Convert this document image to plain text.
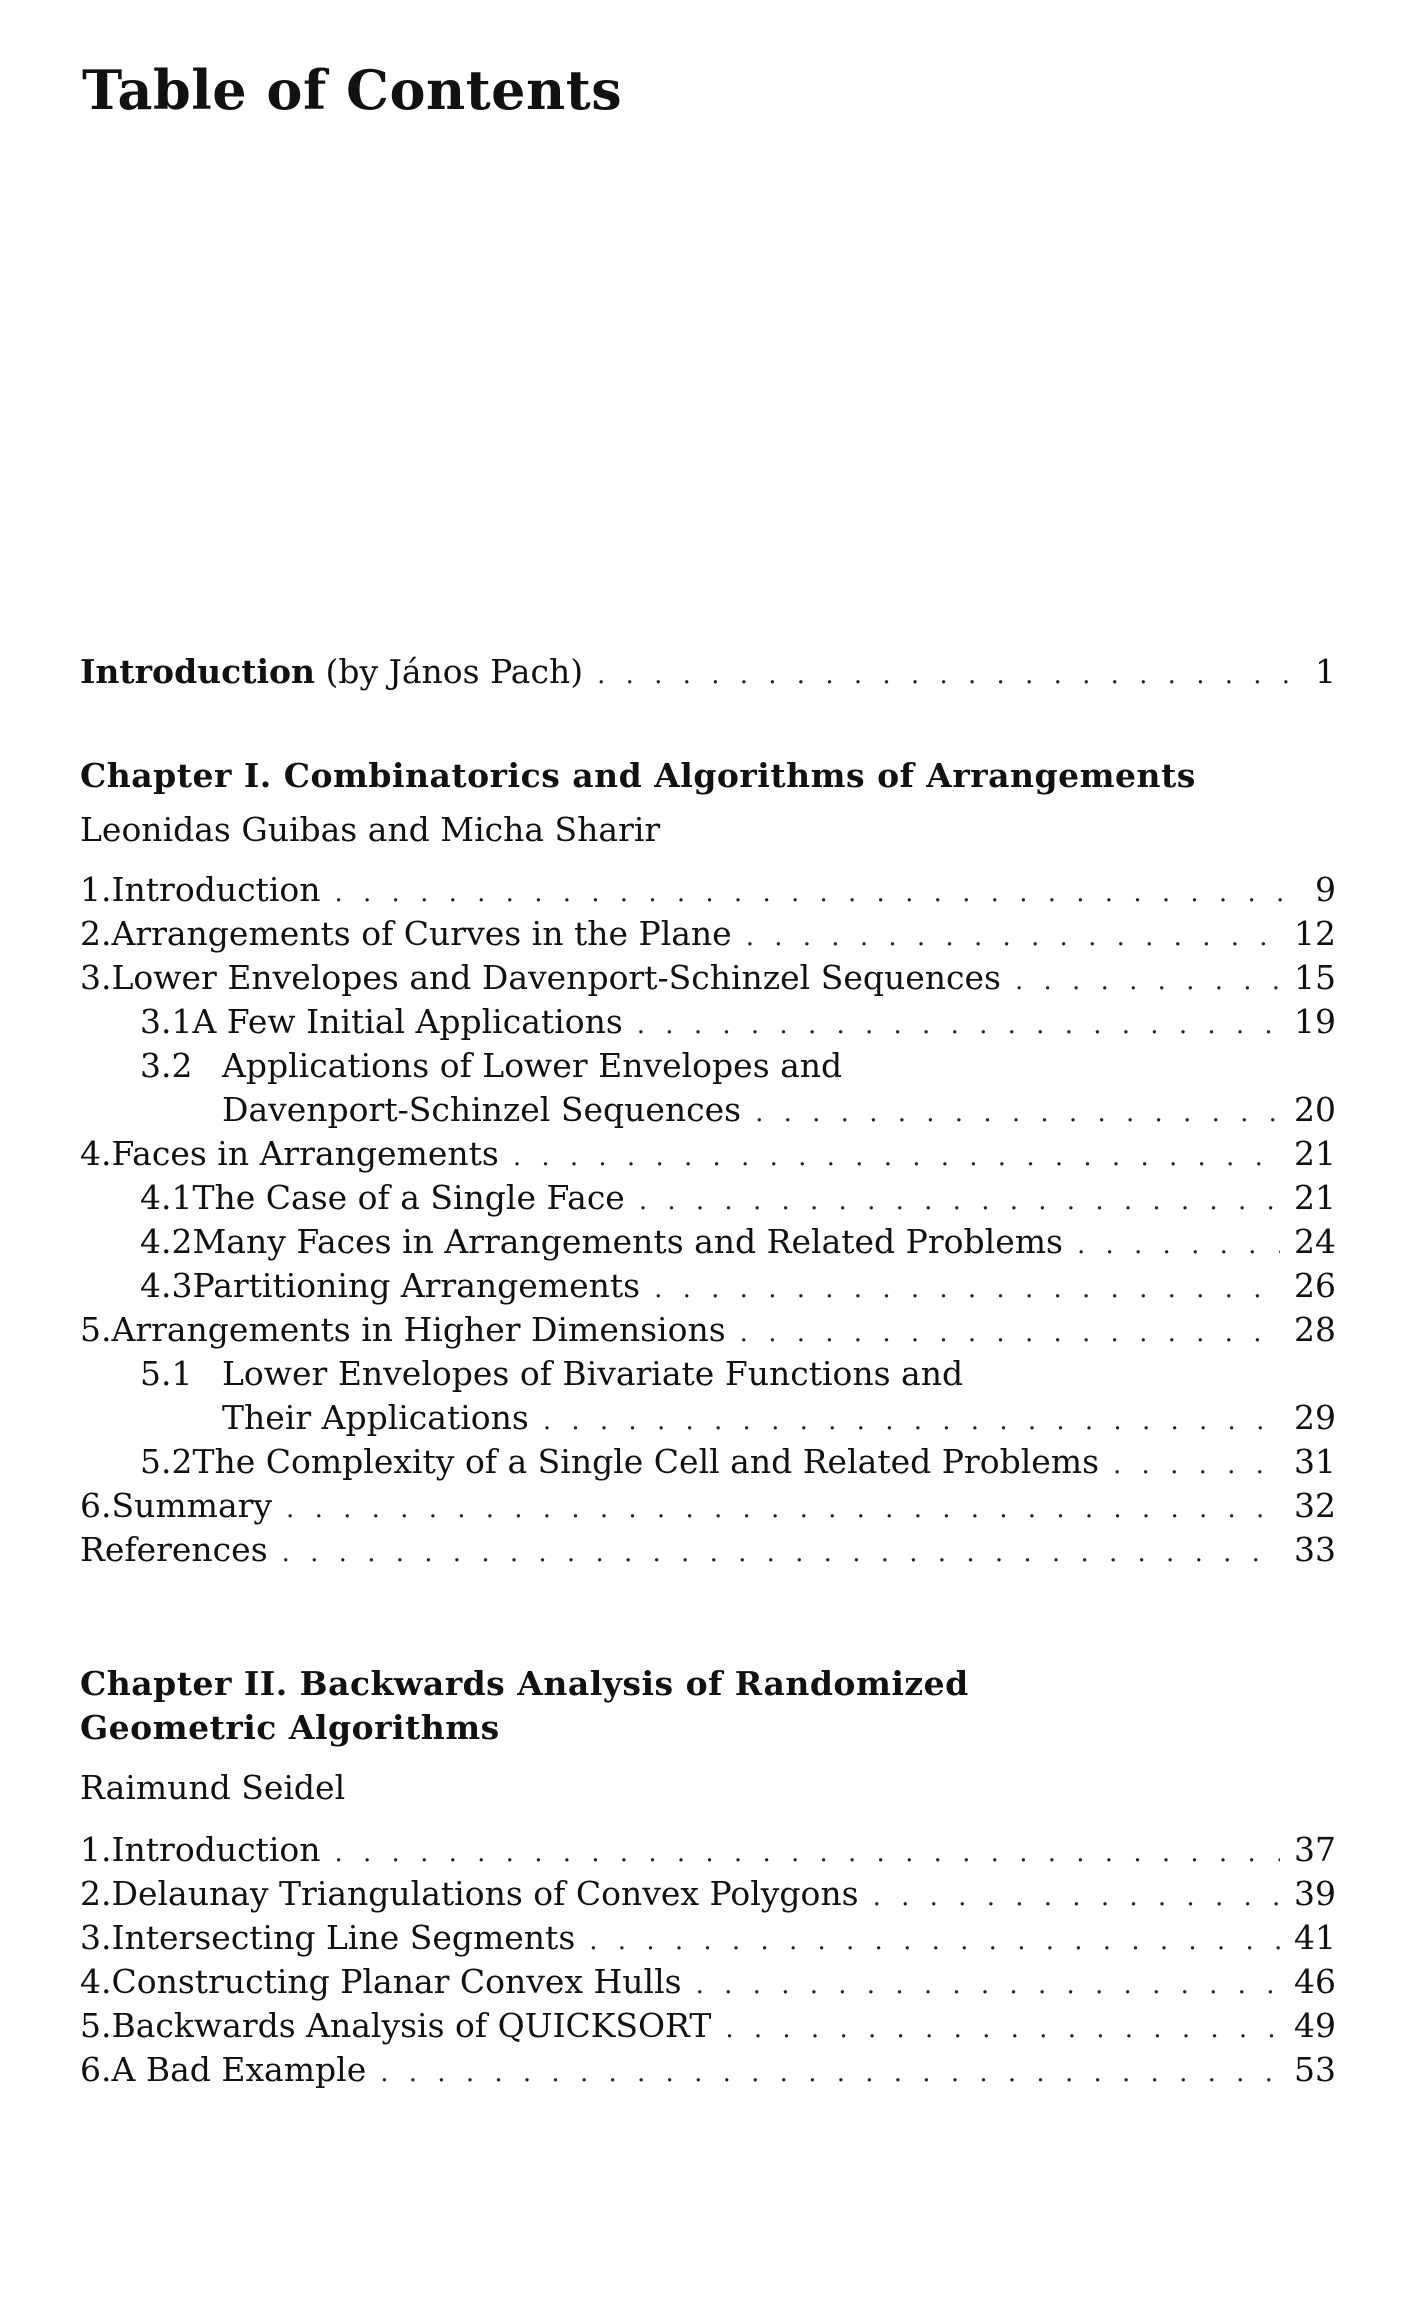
Table of Contents
Introduction (by János Pach) . . .	1
Chapter I. Combinatorics and Algorithms of Arrangements
Leonidas Guibas and Micha Sharir
1. Introduction . . .	9
2. Arrangements of Curves in the Plane . . .	12
3. Lower Envelopes and Davenport-Schinzel Sequences . . .	15
3.1 A Few Initial Applications . . .	19
3.2 Applications of Lower Envelopes and
Davenport-Schinzel Sequences . . .	20
4. Faces in Arrangements . . .	21
4.1 The Case of a Single Face . . .	21
4.2 Many Faces in Arrangements and Related Problems . . .	24
4.3 Partitioning Arrangements . . .	26
5. Arrangements in Higher Dimensions . . .	28
5.1 Lower Envelopes of Bivariate Functions and
Their Applications . . .	29
5.2 The Complexity of a Single Cell and Related Problems . . .	31
6. Summary . . .	32
References . . .	33
Chapter II. Backwards Analysis of Randomized
Geometric Algorithms
Raimund Seidel
1. Introduction . . .	37
2. Delaunay Triangulations of Convex Polygons . . .	39
3. Intersecting Line Segments . . .	41
4. Constructing Planar Convex Hulls . . .	46
5. Backwards Analysis of QUICKSORT . . .	49
6. A Bad Example . . .	53
